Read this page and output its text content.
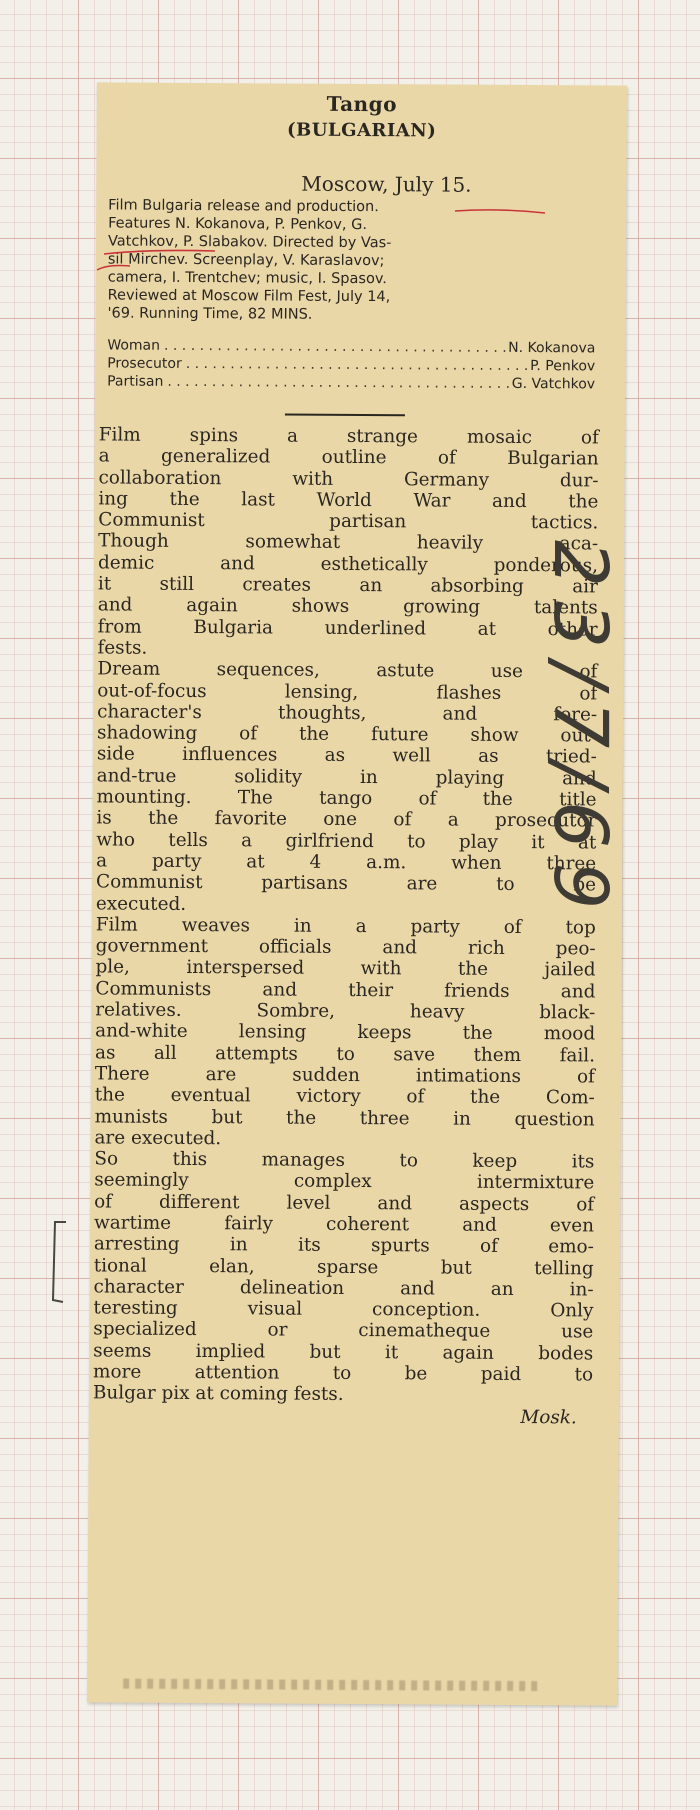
Tango
(BULGARIAN)
Moscow, July 15.
Film Bulgaria release and production.
Features N. Kokanova, P. Penkov, G.
Vatchkov, P. Slabakov. Directed by Vas-
sil Mirchev. Screenplay, V. Karaslavov;
camera, I. Trentchev; music, I. Spasov.
Reviewed at Moscow Film Fest, July 14,
'69. Running Time, 82 MINS.
Woman . . .	N. Kokanova
Prosecutor . . .	P. Penkov
Partisan . . .	G. Vatchkov
Film spins a strange mosaic of
a generalized outline of Bulgarian
collaboration with Germany dur-
ing the last World War and the
Communist partisan tactics.
Though somewhat heavily aca-
demic and esthetically ponderous,
it still creates an absorbing air
and again shows growing talents
from Bulgaria underlined at other
fests.
Dream sequences, astute use of
out-of-focus lensing, flashes of
character's thoughts, and fore-
shadowing of the future show out-
side influences as well as tried-
and-true solidity in playing and
mounting. The tango of the title
is the favorite one of a prosecutor
who tells a girlfriend to play it at
a party at 4 a.m. when three
Communist partisans are to be
executed.
Film weaves in a party of top
government officials and rich peo-
ple, interspersed with the jailed
Communists and their friends and
relatives. Sombre, heavy black-
and-white lensing keeps the mood
as all attempts to save them fail.
There are sudden intimations of
the eventual victory of the Com-
munists but the three in question
are executed.
So this manages to keep its
seemingly complex intermixture
of different level and aspects of
wartime fairly coherent and even
arresting in its spurts of emo-
tional elan, sparse but telling
character delineation and an in-
teresting visual conception. Only
specialized or cinematheque use
seems implied but it again bodes
more attention to be paid to
Bulgar pix at coming fests.
Mosk.
23/7/69
